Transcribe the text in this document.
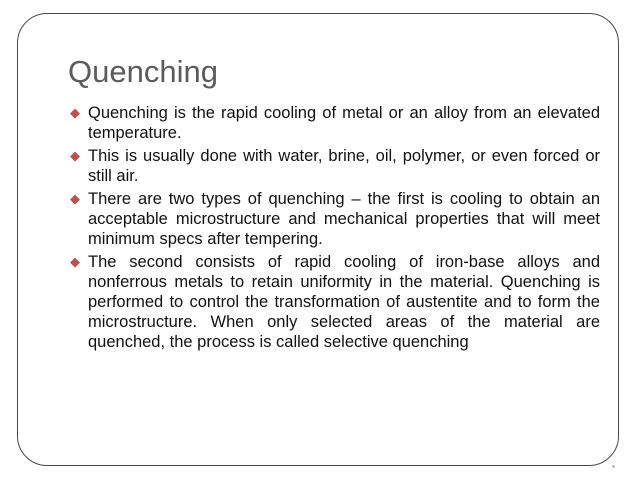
Quenching
◆ Quenching is the rapid cooling of metal or an alloy from an elevated temperature.
◆ This is usually done with water, brine, oil, polymer, or even forced or still air.
◆ There are two types of quenching – the first is cooling to obtain an acceptable microstructure and mechanical properties that will meet minimum specs after tempering.
◆ The second consists of rapid cooling of iron-base alloys and nonferrous metals to retain uniformity in the material. Quenching is performed to control the transformation of austentite and to form the microstructure. When only selected areas of the material are quenched, the process is called selective quenching
